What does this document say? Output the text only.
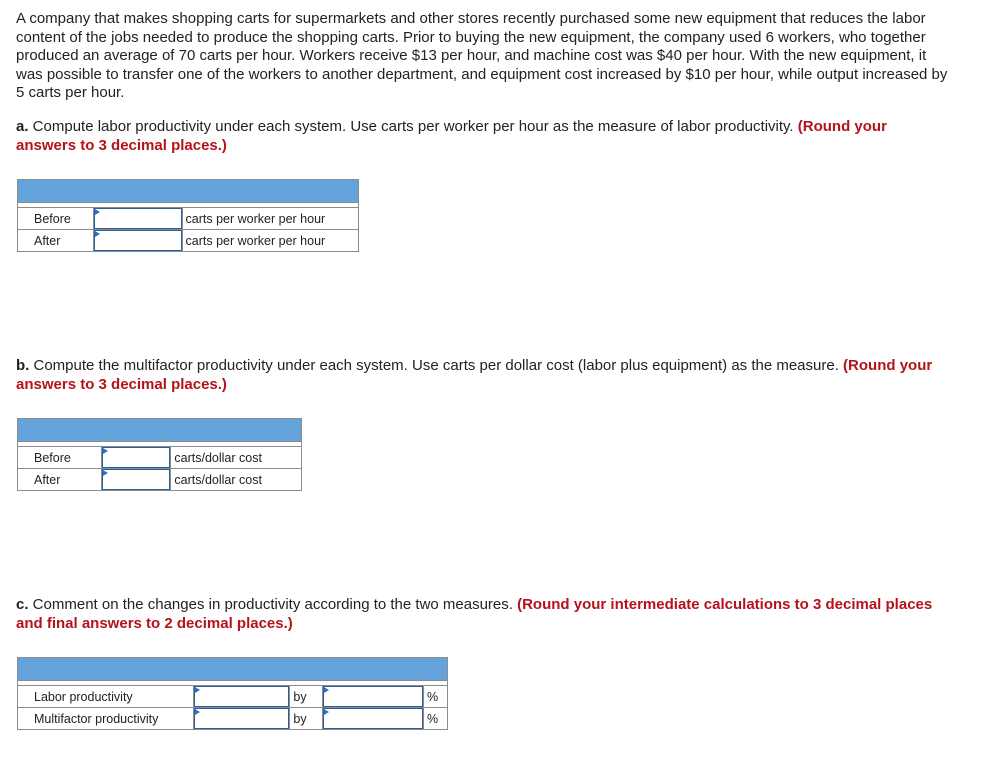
A company that makes shopping carts for supermarkets and other stores recently purchased some new equipment that reduces the labor content of the jobs needed to produce the shopping carts. Prior to buying the new equipment, the company used 6 workers, who together produced an average of 70 carts per hour. Workers receive $13 per hour, and machine cost was $40 per hour. With the new equipment, it was possible to transfer one of the workers to another department, and equipment cost increased by $10 per hour, while output increased by 5 carts per hour.

a. Compute labor productivity under each system. Use carts per worker per hour as the measure of labor productivity. (Round your answers to 3 decimal places.)

Before		carts per worker per hour
After		carts per worker per hour

b. Compute the multifactor productivity under each system. Use carts per dollar cost (labor plus equipment) as the measure. (Round your answers to 3 decimal places.)

Before		carts/dollar cost
After		carts/dollar cost

c. Comment on the changes in productivity according to the two measures. (Round your intermediate calculations to 3 decimal places and final answers to 2 decimal places.)

Labor productivity		by		%
Multifactor productivity		by		%
